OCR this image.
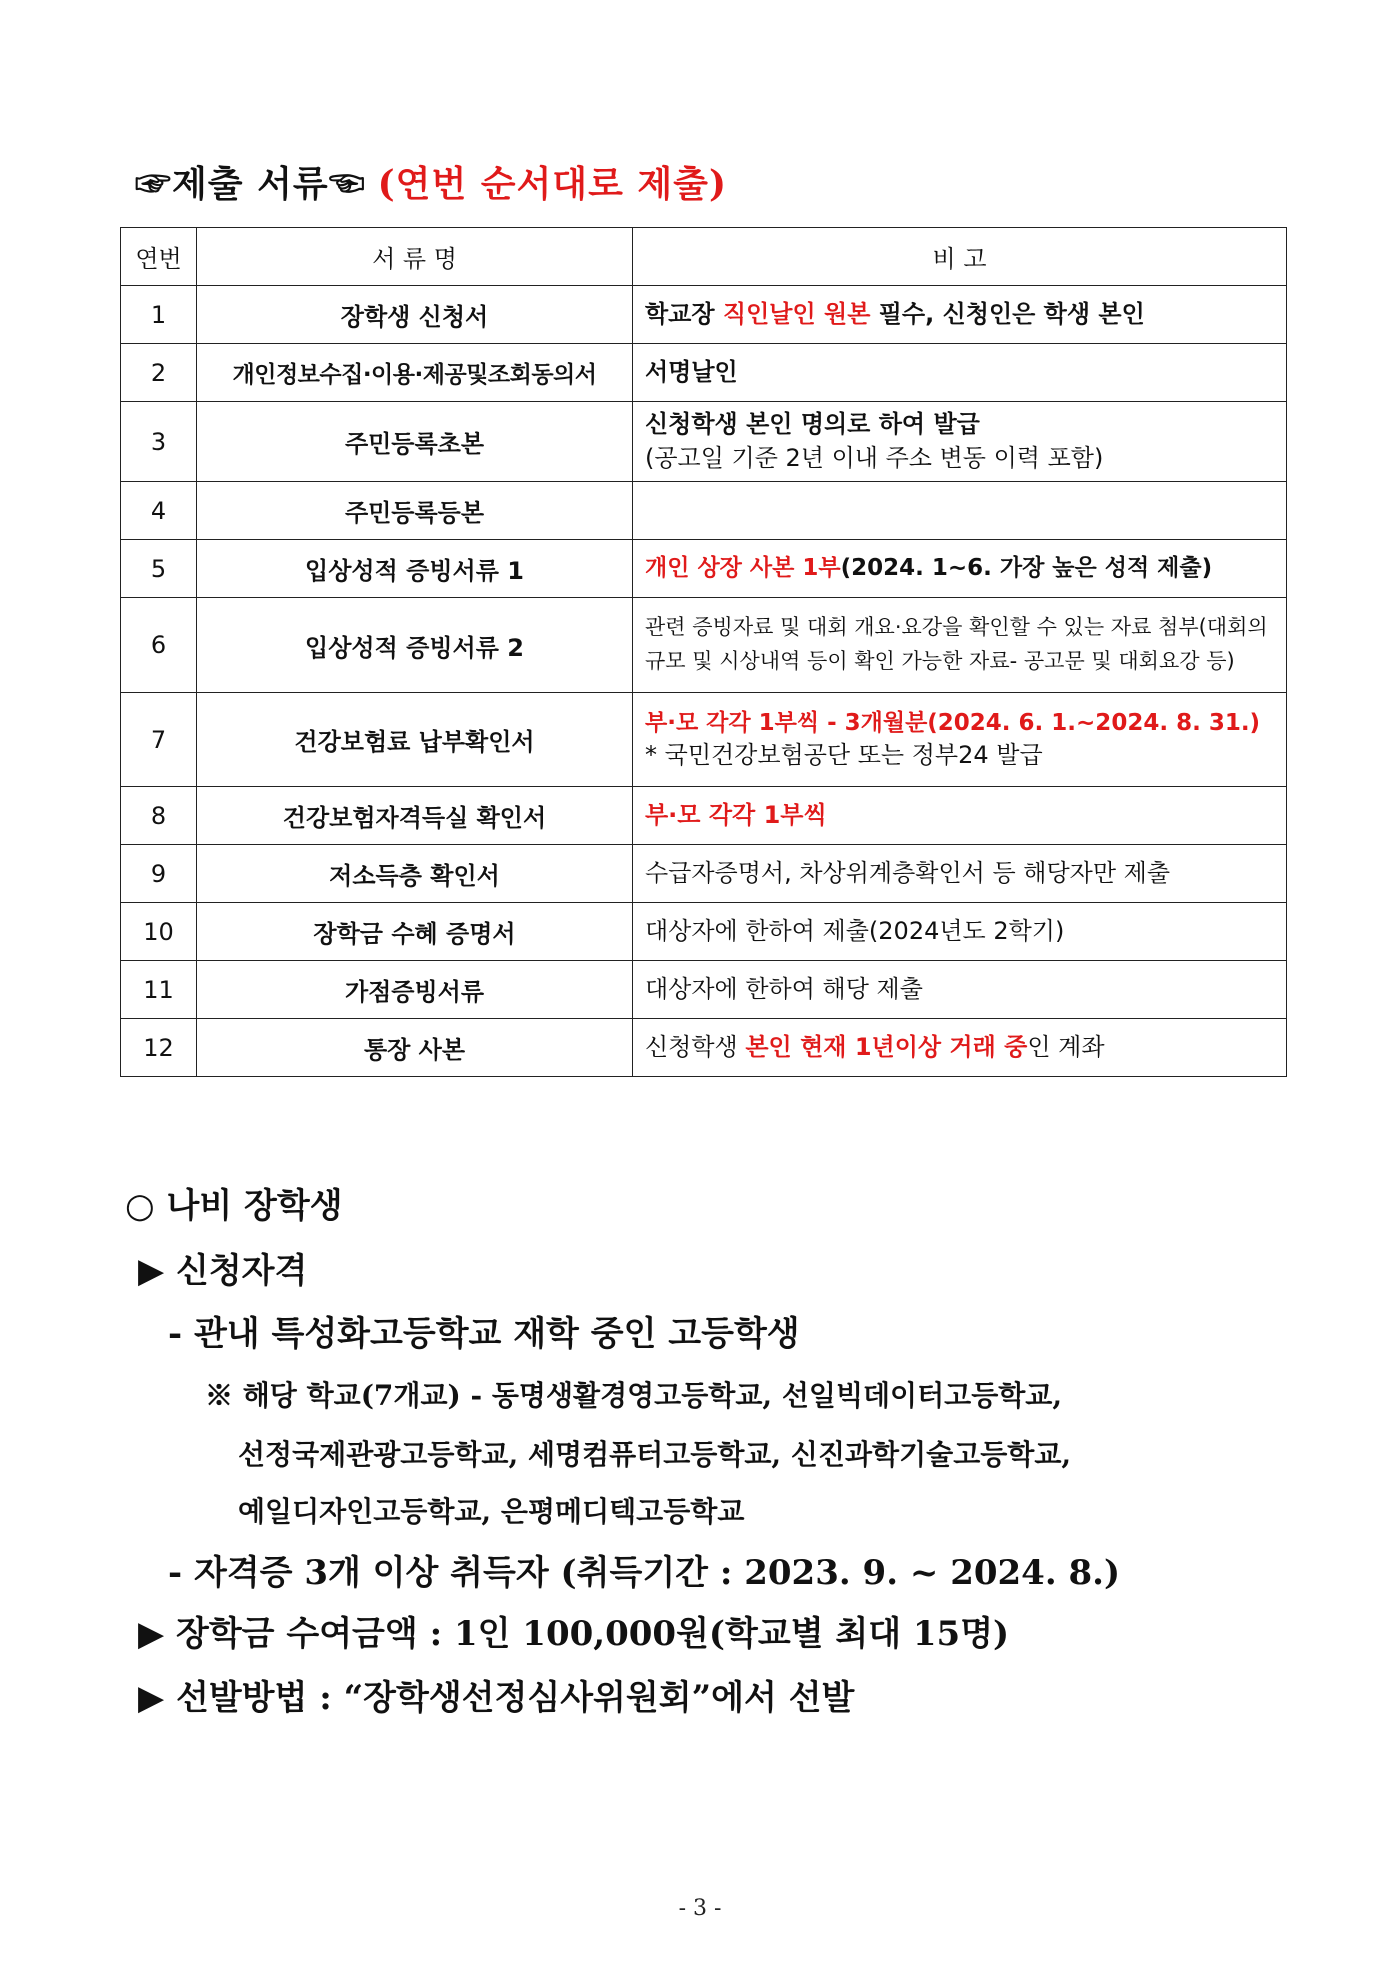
☞제출 서류☜ (연번 순서대로 제출)
연번	서 류 명	비 고
1	장학생 신청서	학교장 직인날인 원본 필수, 신청인은 학생 본인
2	개인정보수집·이용·제공및조회동의서	서명날인
3	주민등록초본	신청학생 본인 명의로 하여 발급
(공고일 기준 2년 이내 주소 변동 이력 포함)

4	주민등록등본	
5	입상성적 증빙서류 1	개인 상장 사본 1부(2024. 1~6. 가장 높은 성적 제출)
6	입상성적 증빙서류 2	관련 증빙자료 및 대회 개요·요강을 확인할 수 있는 자료 첨부(대회의
규모 및 시상내역 등이 확인 가능한 자료- 공고문 및 대회요강 등)

7	건강보험료 납부확인서	부·모 각각 1부씩 - 3개월분(2024. 6. 1.~2024. 8. 31.)
* 국민건강보험공단 또는 정부24 발급

8	건강보험자격득실 확인서	부·모 각각 1부씩
9	저소득층 확인서	수급자증명서, 차상위계층확인서 등 해당자만 제출
10	장학금 수혜 증명서	대상자에 한하여 제출(2024년도 2학기)
11	가점증빙서류	대상자에 한하여 해당 제출
12	통장 사본	신청학생 본인 현재 1년이상 거래 중인 계좌
○ 나비 장학생
▶ 신청자격
- 관내 특성화고등학교 재학 중인 고등학생
※ 해당 학교(7개교) - 동명생활경영고등학교, 선일빅데이터고등학교,
선정국제관광고등학교, 세명컴퓨터고등학교, 신진과학기술고등학교,
예일디자인고등학교, 은평메디텍고등학교
- 자격증 3개 이상 취득자 (취득기간 : 2023. 9. ~ 2024. 8.)
▶ 장학금 수여금액 : 1인 100,000원(학교별 최대 15명)
▶ 선발방법 : “장학생선정심사위원회”에서 선발
- 3 -
